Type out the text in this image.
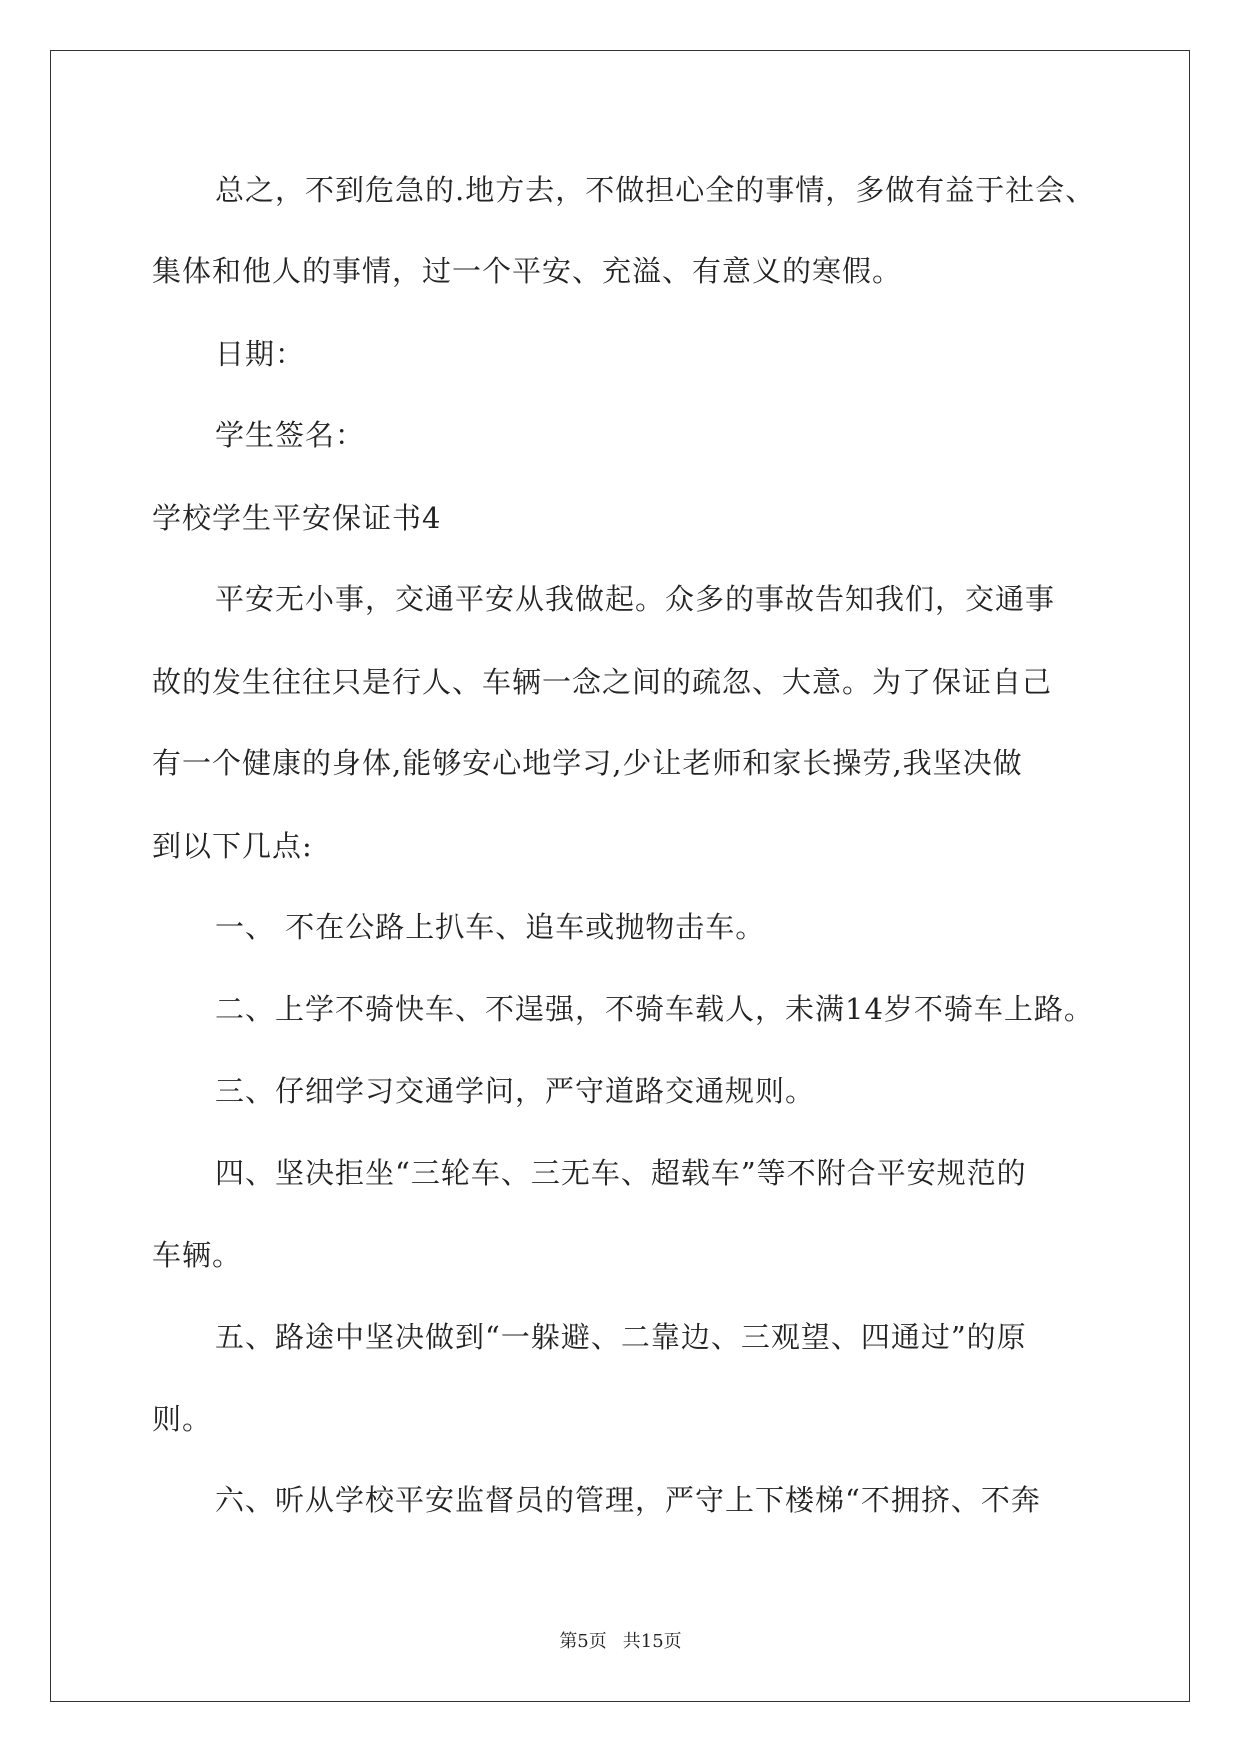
总之，不到危急的.地方去，不做担心全的事情，多做有益于社会、
集体和他人的事情，过一个平安、充溢、有意义的寒假。
日期：
学生签名：
学校学生平安保证书4
平安无小事，交通平安从我做起。众多的事故告知我们，交通事
故的发生往往只是行人、车辆一念之间的疏忽、大意。为了保证自己
有一个健康的身体,能够安心地学习,少让老师和家长操劳,我坚决做
到以下几点:
一、 不在公路上扒车、追车或抛物击车。
二、上学不骑快车、不逞强，不骑车载人，未满14岁不骑车上路。
三、仔细学习交通学问，严守道路交通规则。
四、坚决拒坐“三轮车、三无车、超载车”等不附合平安规范的
车辆。
五、路途中坚决做到“一躲避、二靠边、三观望、四通过”的原
则。
六、听从学校平安监督员的管理，严守上下楼梯“不拥挤、不奔
第5页 共15页
